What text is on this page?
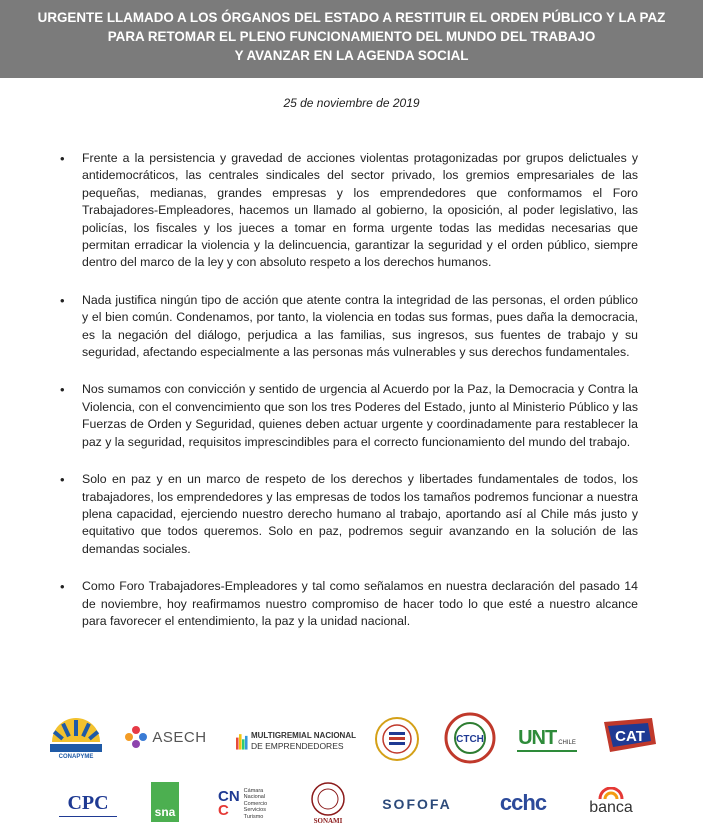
URGENTE LLAMADO A LOS ÓRGANOS DEL ESTADO A RESTITUIR EL ORDEN PÚBLICO Y LA PAZ
PARA RETOMAR EL PLENO FUNCIONAMIENTO DEL MUNDO DEL TRABAJO
Y AVANZAR EN LA AGENDA SOCIAL
25 de noviembre de 2019
• Frente a la persistencia y gravedad de acciones violentas protagonizadas por grupos delictuales y antidemocráticos, las centrales sindicales del sector privado, los gremios empresariales de las pequeñas, medianas, grandes empresas y los emprendedores que conformamos el Foro Trabajadores-Empleadores, hacemos un llamado al gobierno, la oposición, al poder legislativo, las policías, los fiscales y los jueces a tomar en forma urgente todas las medidas necesarias que permitan erradicar la violencia y la delincuencia, garantizar la seguridad y el orden público, siempre dentro del marco de la ley y con absoluto respeto a los derechos humanos.
• Nada justifica ningún tipo de acción que atente contra la integridad de las personas, el orden público y el bien común. Condenamos, por tanto, la violencia en todas sus formas, pues daña la democracia, es la negación del diálogo, perjudica a las familias, sus ingresos, sus fuentes de trabajo y su seguridad, afectando especialmente a las personas más vulnerables y sus derechos fundamentales.
• Nos sumamos con convicción y sentido de urgencia al Acuerdo por la Paz, la Democracia y Contra la Violencia, con el convencimiento que son los tres Poderes del Estado, junto al Ministerio Público y las Fuerzas de Orden y Seguridad, quienes deben actuar urgente y coordinadamente para restablecer la paz y la seguridad, requisitos imprescindibles para el correcto funcionamiento del mundo del trabajo.
• Solo en paz y en un marco de respeto de los derechos y libertades fundamentales de todos, los trabajadores, los emprendedores y las empresas de todos los tamaños podremos funcionar a nuestra plena capacidad, ejerciendo nuestro derecho humano al trabajo, aportando así al Chile más justo y equitativo que todos queremos. Solo en paz, podremos seguir avanzando en la solución de las demandas sociales.
• Como Foro Trabajadores-Empleadores y tal como señalamos en nuestra declaración del pasado 14 de noviembre, hoy reafirmamos nuestro compromiso de hacer todo lo que esté a nuestro alcance para favorecer el entendimiento, la paz y la unidad nacional.
CONAPYME
ASECH	MULTIGREMIAL NACIONAL
DE EMPRENDEDORES
CTCH UNT CHILE	CAT
CPC	sna
CN
C
Cámara Nacional Comercio Servicios Turismo
SONAMI
SOFOFA cchc	banca
